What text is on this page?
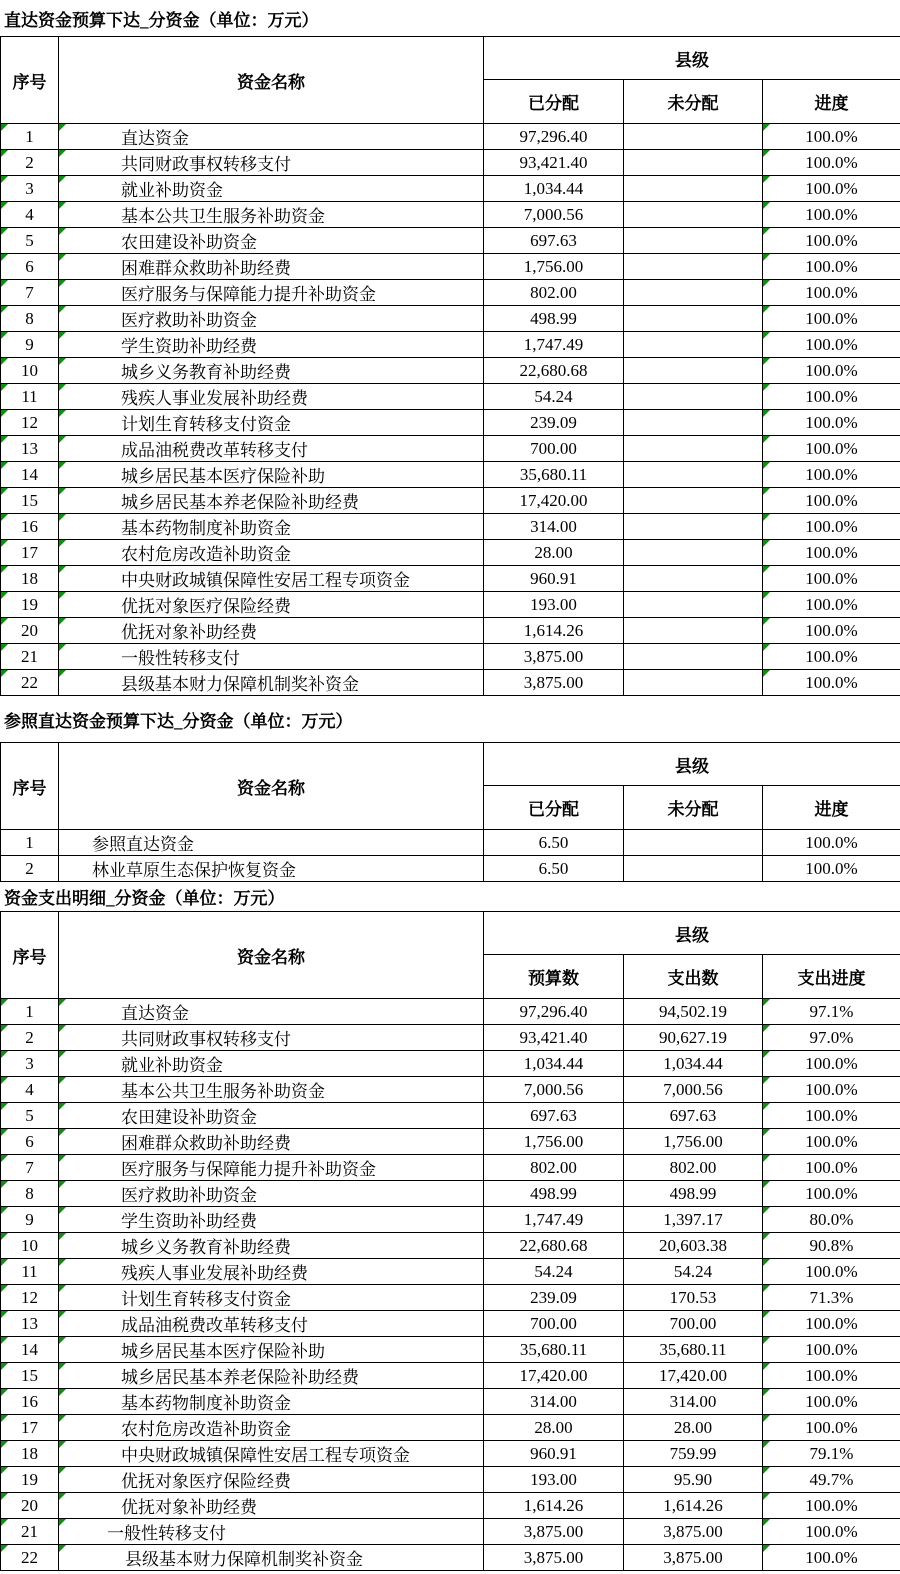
直达资金预算下达_分资金（单位：万元）
序号	资金名称	县级		
		已分配	未分配	进度

1	直达资金	97,296.40		100.0%

2	共同财政事权转移支付	93,421.40		100.0%

3	就业补助资金	1,034.44		100.0%

4	基本公共卫生服务补助资金	7,000.56		100.0%

5	农田建设补助资金	697.63		100.0%

6	困难群众救助补助经费	1,756.00		100.0%

7	医疗服务与保障能力提升补助资金	802.00		100.0%

8	医疗救助补助资金	498.99		100.0%

9	学生资助补助经费	1,747.49		100.0%

10	城乡义务教育补助经费	22,680.68		100.0%

11	残疾人事业发展补助经费	54.24		100.0%

12	计划生育转移支付资金	239.09		100.0%

13	成品油税费改革转移支付	700.00		100.0%

14	城乡居民基本医疗保险补助	35,680.11		100.0%

15	城乡居民基本养老保险补助经费	17,420.00		100.0%

16	基本药物制度补助资金	314.00		100.0%

17	农村危房改造补助资金	28.00		100.0%

18	中央财政城镇保障性安居工程专项资金	960.91		100.0%

19	优抚对象医疗保险经费	193.00		100.0%

20	优抚对象补助经费	1,614.26		100.0%

21	一般性转移支付	3,875.00		100.0%

22	县级基本财力保障机制奖补资金	3,875.00		100.0%
参照直达资金预算下达_分资金（单位：万元）
序号	资金名称	县级		
		已分配	未分配	进度
1	参照直达资金	6.50		100.0%
2	林业草原生态保护恢复资金	6.50		100.0%
资金支出明细_分资金（单位：万元）
序号	资金名称	县级		
		预算数	支出数	支出进度

1	直达资金	97,296.40	94,502.19	97.1%

2	共同财政事权转移支付	93,421.40	90,627.19	97.0%

3	就业补助资金	1,034.44	1,034.44	100.0%

4	基本公共卫生服务补助资金	7,000.56	7,000.56	100.0%

5	农田建设补助资金	697.63	697.63	100.0%

6	困难群众救助补助经费	1,756.00	1,756.00	100.0%

7	医疗服务与保障能力提升补助资金	802.00	802.00	100.0%

8	医疗救助补助资金	498.99	498.99	100.0%

9	学生资助补助经费	1,747.49	1,397.17	80.0%

10	城乡义务教育补助经费	22,680.68	20,603.38	90.8%

11	残疾人事业发展补助经费	54.24	54.24	100.0%

12	计划生育转移支付资金	239.09	170.53	71.3%

13	成品油税费改革转移支付	700.00	700.00	100.0%

14	城乡居民基本医疗保险补助	35,680.11	35,680.11	100.0%

15	城乡居民基本养老保险补助经费	17,420.00	17,420.00	100.0%

16	基本药物制度补助资金	314.00	314.00	100.0%

17	农村危房改造补助资金	28.00	28.00	100.0%

18	中央财政城镇保障性安居工程专项资金	960.91	759.99	79.1%

19	优抚对象医疗保险经费	193.00	95.90	49.7%

20	优抚对象补助经费	1,614.26	1,614.26	100.0%

21	一般性转移支付	3,875.00	3,875.00	100.0%

22	县级基本财力保障机制奖补资金	3,875.00	3,875.00	100.0%
